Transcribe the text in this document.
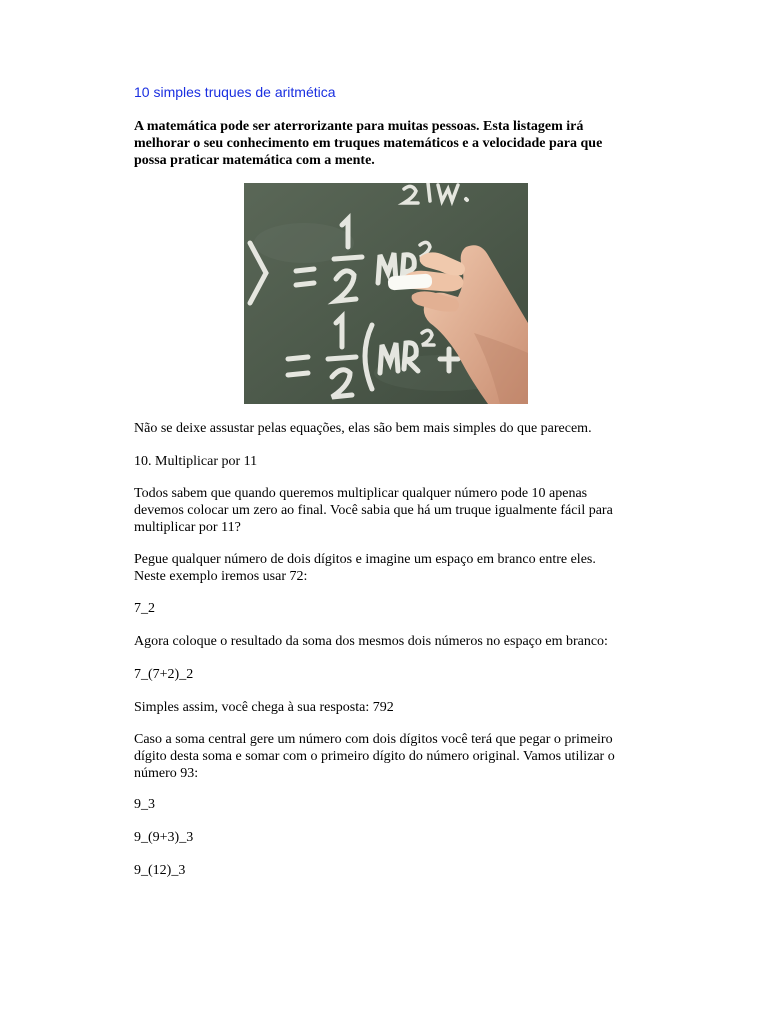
10 simples truques de aritmética
A matemática pode ser aterrorizante para muitas pessoas. Esta listagem irá
melhorar o seu conhecimento em truques matemáticos e a velocidade para que
possa praticar matemática com a mente.
Não se deixe assustar pelas equações, elas são bem mais simples do que parecem.
10. Multiplicar por 11
Todos sabem que quando queremos multiplicar qualquer número pode 10 apenas
devemos colocar um zero ao final. Você sabia que há um truque igualmente fácil para
multiplicar por 11?
Pegue qualquer número de dois dígitos e imagine um espaço em branco entre eles.
Neste exemplo iremos usar 72:
7_2
Agora coloque o resultado da soma dos mesmos dois números no espaço em branco:
7_(7+2)_2
Simples assim, você chega à sua resposta: 792
Caso a soma central gere um número com dois dígitos você terá que pegar o primeiro
dígito desta soma e somar com o primeiro dígito do número original. Vamos utilizar o
número 93:
9_3
9_(9+3)_3
9_(12)_3
